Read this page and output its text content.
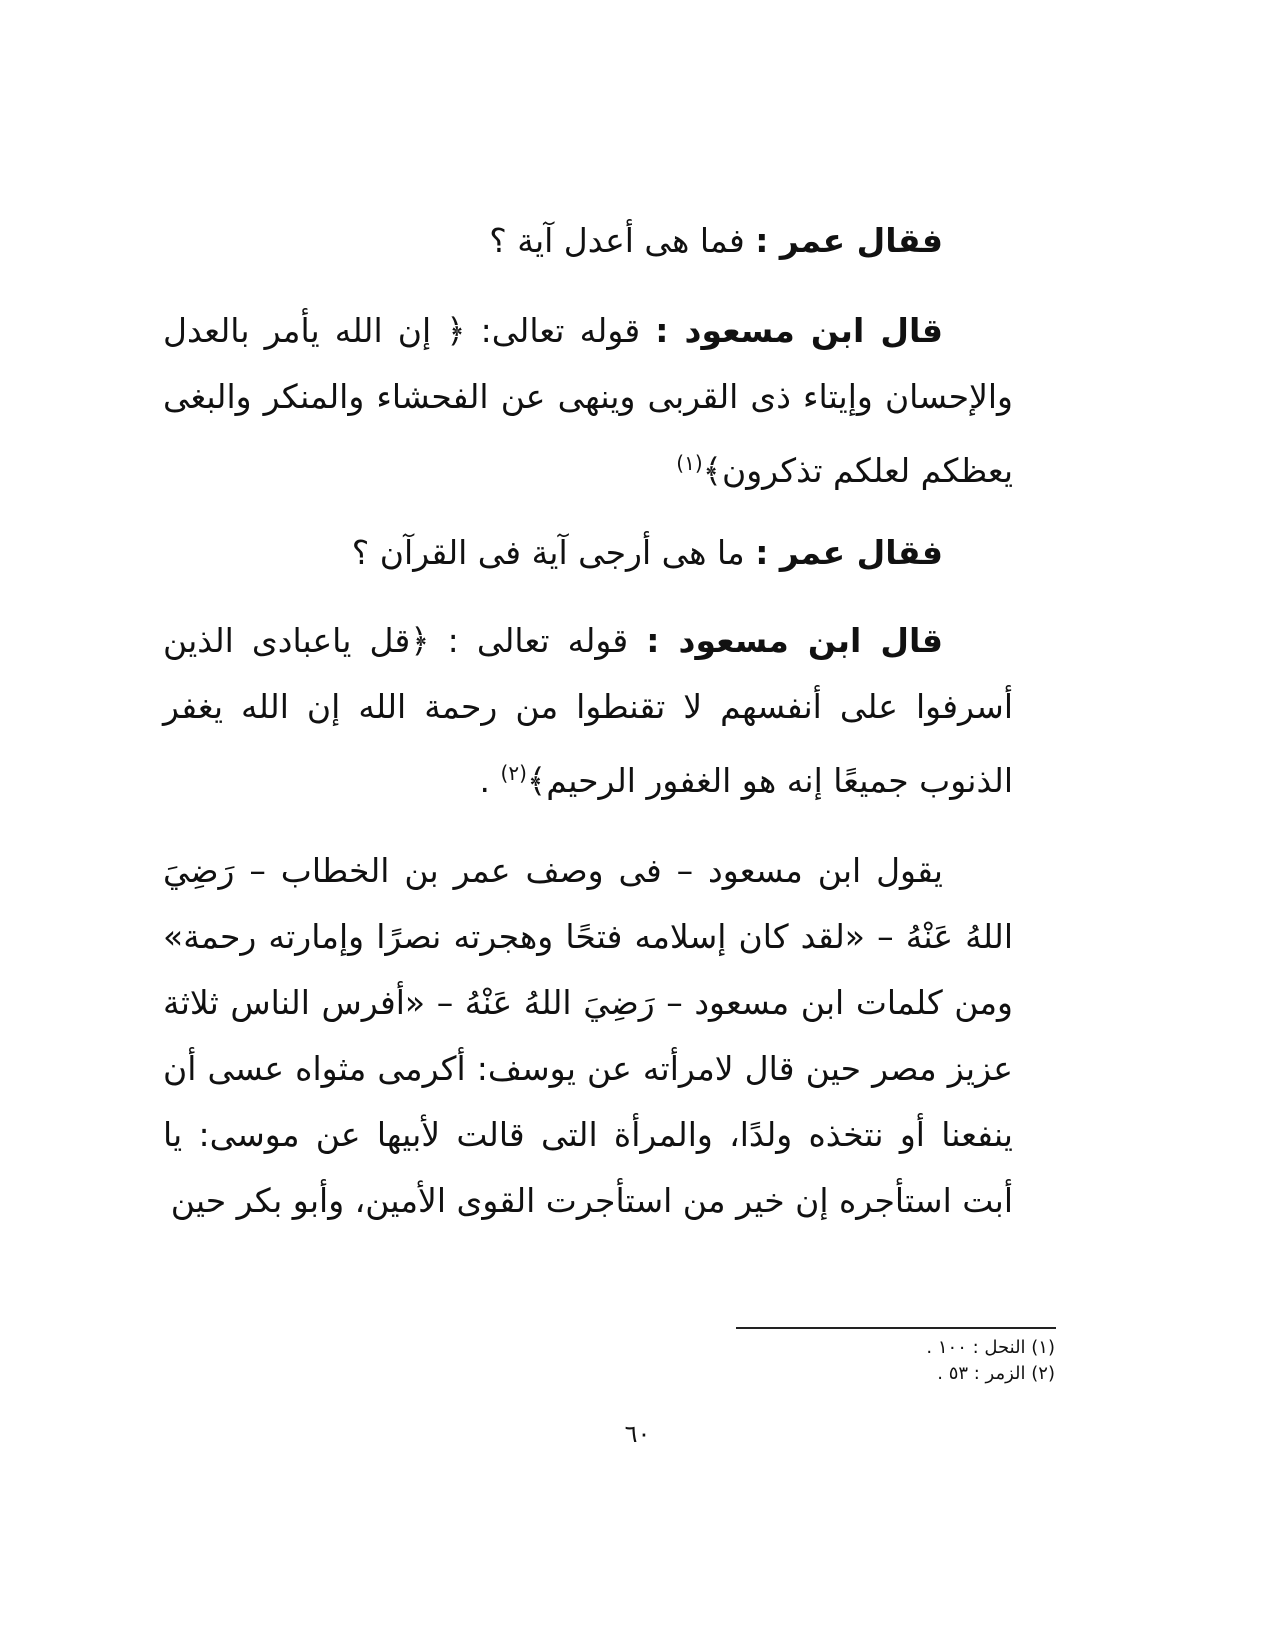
فقال عمر : فما هى أعدل آية ؟

قال ابن مسعود : قوله تعالى: ﴿ إن الله يأمر بالعدل والإحسان وإيتاء ذى القربى وينهى عن الفحشاء والمنكر والبغى يعظكم لعلكم تذكرون﴾$^{(١)}$

فقال عمر : ما هى أرجى آية فى القرآن ؟

قال ابن مسعود : قوله تعالى : ﴿قل ياعبادى الذين أسرفوا على أنفسهم لا تقنطوا من رحمة الله إن الله يغفر الذنوب جميعًا إنه هو الغفور الرحيم﴾$^{(٢)}$ .

يقول ابن مسعود – فى وصف عمر بن الخطاب – رَضِيَ اللهُ عَنْهُ – «لقد كان إسلامه فتحًا وهجرته نصرًا وإمارته رحمة» ومن كلمات ابن مسعود – رَضِيَ اللهُ عَنْهُ – «أفرس الناس ثلاثة عزيز مصر حين قال لامرأته عن يوسف: أكرمى مثواه عسى أن ينفعنا أو نتخذه ولدًا، والمرأة التى قالت لأبيها عن موسى: يا أبت استأجره إن خير من استأجرت القوى الأمين، وأبو بكر حين

(١) النحل : ١٠٠ .
(٢) الزمر : ٥٣ .
٦٠
